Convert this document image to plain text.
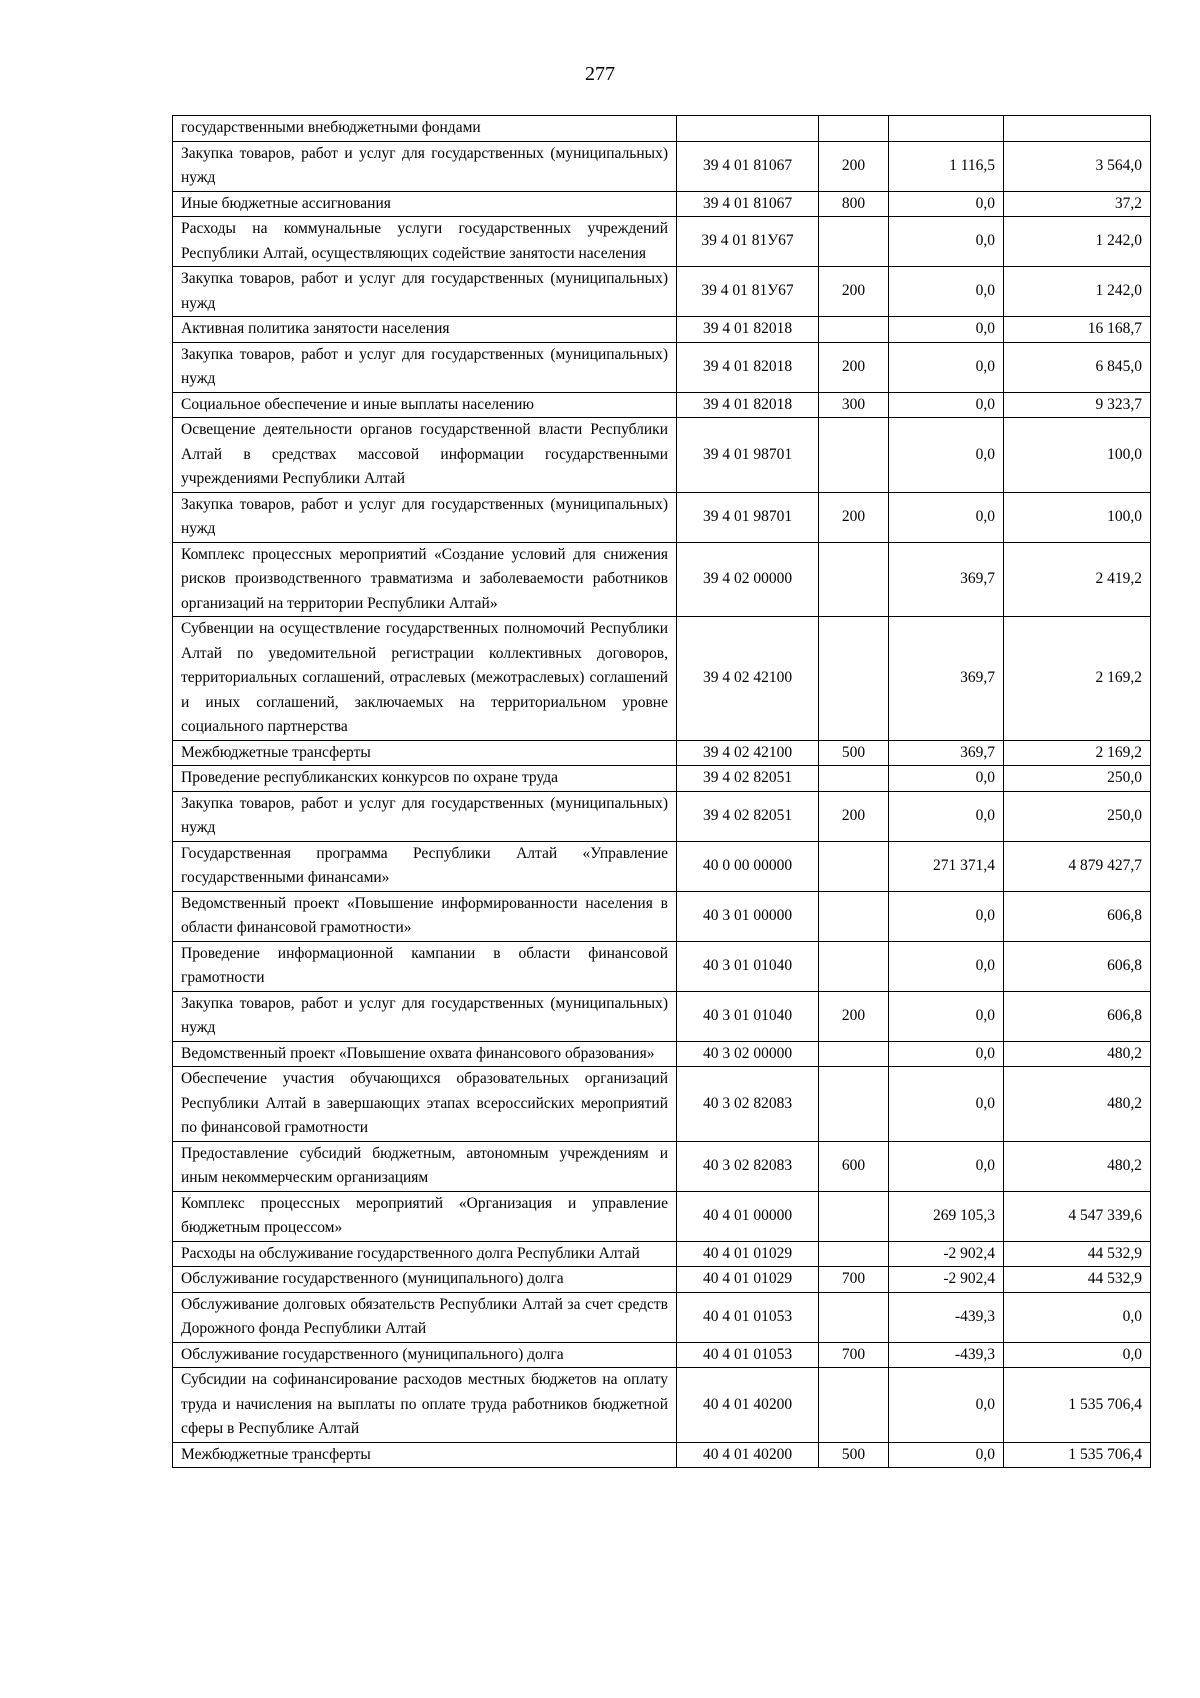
277
государственными внебюджетными фондами				
Закупка товаров, работ и услуг для государственных (муниципальных) нужд	39 4 01 81067	200	1 116,5	3 564,0
Иные бюджетные ассигнования	39 4 01 81067	800	0,0	37,2
Расходы на коммунальные услуги государственных учреждений Республики Алтай, осуществляющих содействие занятости населения	39 4 01 81У67		0,0	1 242,0
Закупка товаров, работ и услуг для государственных (муниципальных) нужд	39 4 01 81У67	200	0,0	1 242,0
Активная политика занятости населения	39 4 01 82018		0,0	16 168,7
Закупка товаров, работ и услуг для государственных (муниципальных) нужд	39 4 01 82018	200	0,0	6 845,0
Социальное обеспечение и иные выплаты населению	39 4 01 82018	300	0,0	9 323,7
Освещение деятельности органов государственной власти Республики Алтай в средствах массовой информации государственными учреждениями Республики Алтай	39 4 01 98701		0,0	100,0
Закупка товаров, работ и услуг для государственных (муниципальных) нужд	39 4 01 98701	200	0,0	100,0
Комплекс процессных мероприятий «Создание условий для снижения рисков производственного травматизма и заболеваемости работников организаций на территории Республики Алтай»	39 4 02 00000		369,7	2 419,2
Субвенции на осуществление государственных полномочий Республики Алтай по уведомительной регистрации коллективных договоров, территориальных соглашений, отраслевых (межотраслевых) соглашений и иных соглашений, заключаемых на территориальном уровне социального партнерства	39 4 02 42100		369,7	2 169,2
Межбюджетные трансферты	39 4 02 42100	500	369,7	2 169,2
Проведение республиканских конкурсов по охране труда	39 4 02 82051		0,0	250,0
Закупка товаров, работ и услуг для государственных (муниципальных) нужд	39 4 02 82051	200	0,0	250,0
Государственная программа Республики Алтай «Управление государственными финансами»	40 0 00 00000		271 371,4	4 879 427,7
Ведомственный проект «Повышение информированности населения в области финансовой грамотности»	40 3 01 00000		0,0	606,8
Проведение информационной кампании в области финансовой грамотности	40 3 01 01040		0,0	606,8
Закупка товаров, работ и услуг для государственных (муниципальных) нужд	40 3 01 01040	200	0,0	606,8
Ведомственный проект «Повышение охвата финансового образования»	40 3 02 00000		0,0	480,2
Обеспечение участия обучающихся образовательных организаций Республики Алтай в завершающих этапах всероссийских мероприятий по финансовой грамотности	40 3 02 82083		0,0	480,2
Предоставление субсидий бюджетным, автономным учреждениям и иным некоммерческим организациям	40 3 02 82083	600	0,0	480,2
Комплекс процессных мероприятий «Организация и управление бюджетным процессом»	40 4 01 00000		269 105,3	4 547 339,6
Расходы на обслуживание государственного долга Республики Алтай	40 4 01 01029		-2 902,4	44 532,9
Обслуживание государственного (муниципального) долга	40 4 01 01029	700	-2 902,4	44 532,9
Обслуживание долговых обязательств Республики Алтай за счет средств Дорожного фонда Республики Алтай	40 4 01 01053		-439,3	0,0
Обслуживание государственного (муниципального) долга	40 4 01 01053	700	-439,3	0,0
Субсидии на софинансирование расходов местных бюджетов на оплату труда и начисления на выплаты по оплате труда работников бюджетной сферы в Республике Алтай	40 4 01 40200		0,0	1 535 706,4
Межбюджетные трансферты	40 4 01 40200	500	0,0	1 535 706,4
